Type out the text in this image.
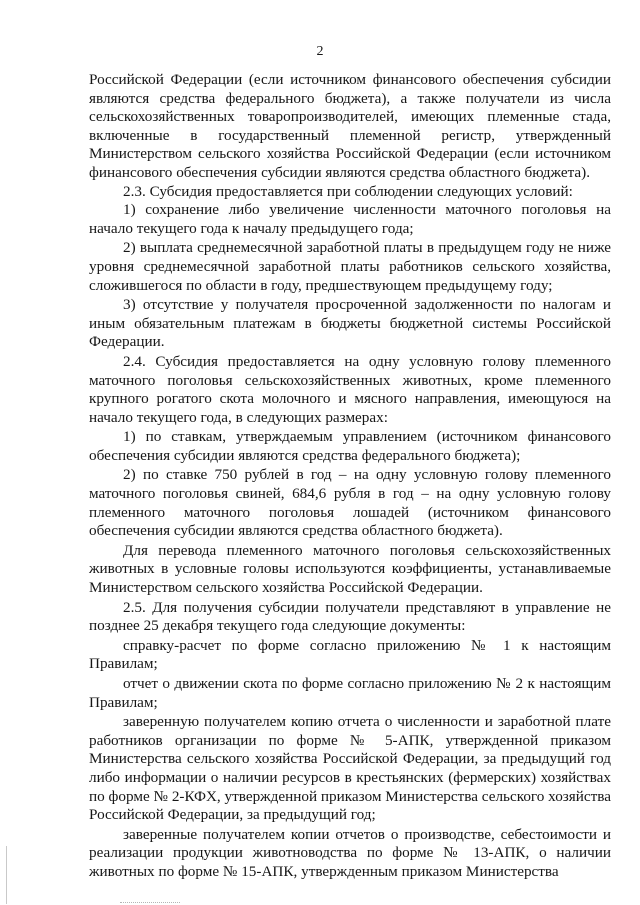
2

Российской Федерации (если источником финансового обеспечения субсидии являются средства федерального бюджета), а также получатели из числа сельскохозяйственных товаропроизводителей, имеющих племенные стада, включенные в государственный племенной регистр, утвержденный Министерством сельского хозяйства Российской Федерации (если источником финансового обеспечения субсидии являются средства областного бюджета).

2.3. Субсидия предоставляется при соблюдении следующих условий:

1) сохранение либо увеличение численности маточного поголовья на начало текущего года к началу предыдущего года;

2) выплата среднемесячной заработной платы в предыдущем году не ниже уровня среднемесячной заработной платы работников сельского хозяйства, сложившегося по области в году, предшествующем предыдущему году;

3) отсутствие у получателя просроченной задолженности по налогам и иным обязательным платежам в бюджеты бюджетной системы Российской Федерации.

2.4. Субсидия предоставляется на одну условную голову племенного маточного поголовья сельскохозяйственных животных, кроме племенного крупного рогатого скота молочного и мясного направления, имеющуюся на начало текущего года, в следующих размерах:

1) по ставкам, утверждаемым управлением (источником финансового обеспечения субсидии являются средства федерального бюджета);

2) по ставке 750 рублей в год – на одну условную голову племенного маточного поголовья свиней, 684,6 рубля в год – на одну условную голову племенного маточного поголовья лошадей (источником финансового обеспечения субсидии являются средства областного бюджета).

Для перевода племенного маточного поголовья сельскохозяйственных животных в условные головы используются коэффициенты, устанавливаемые Министерством сельского хозяйства Российской Федерации.

2.5. Для получения субсидии получатели представляют в управление не позднее 25 декабря текущего года следующие документы:

справку-расчет по форме согласно приложению № 1 к настоящим Правилам;

отчет о движении скота по форме согласно приложению № 2 к настоящим Правилам;

заверенную получателем копию отчета о численности и заработной плате работников организации по форме № 5-АПК, утвержденной приказом Министерства сельского хозяйства Российской Федерации, за предыдущий год либо информации о наличии ресурсов в крестьянских (фермерских) хозяйствах по форме № 2-КФХ, утвержденной приказом Министерства сельского хозяйства Российской Федерации, за предыдущий год;

заверенные получателем копии отчетов о производстве, себестоимости и реализации продукции животноводства по форме № 13-АПК, о наличии животных по форме № 15-АПК, утвержденным приказом Министерства
